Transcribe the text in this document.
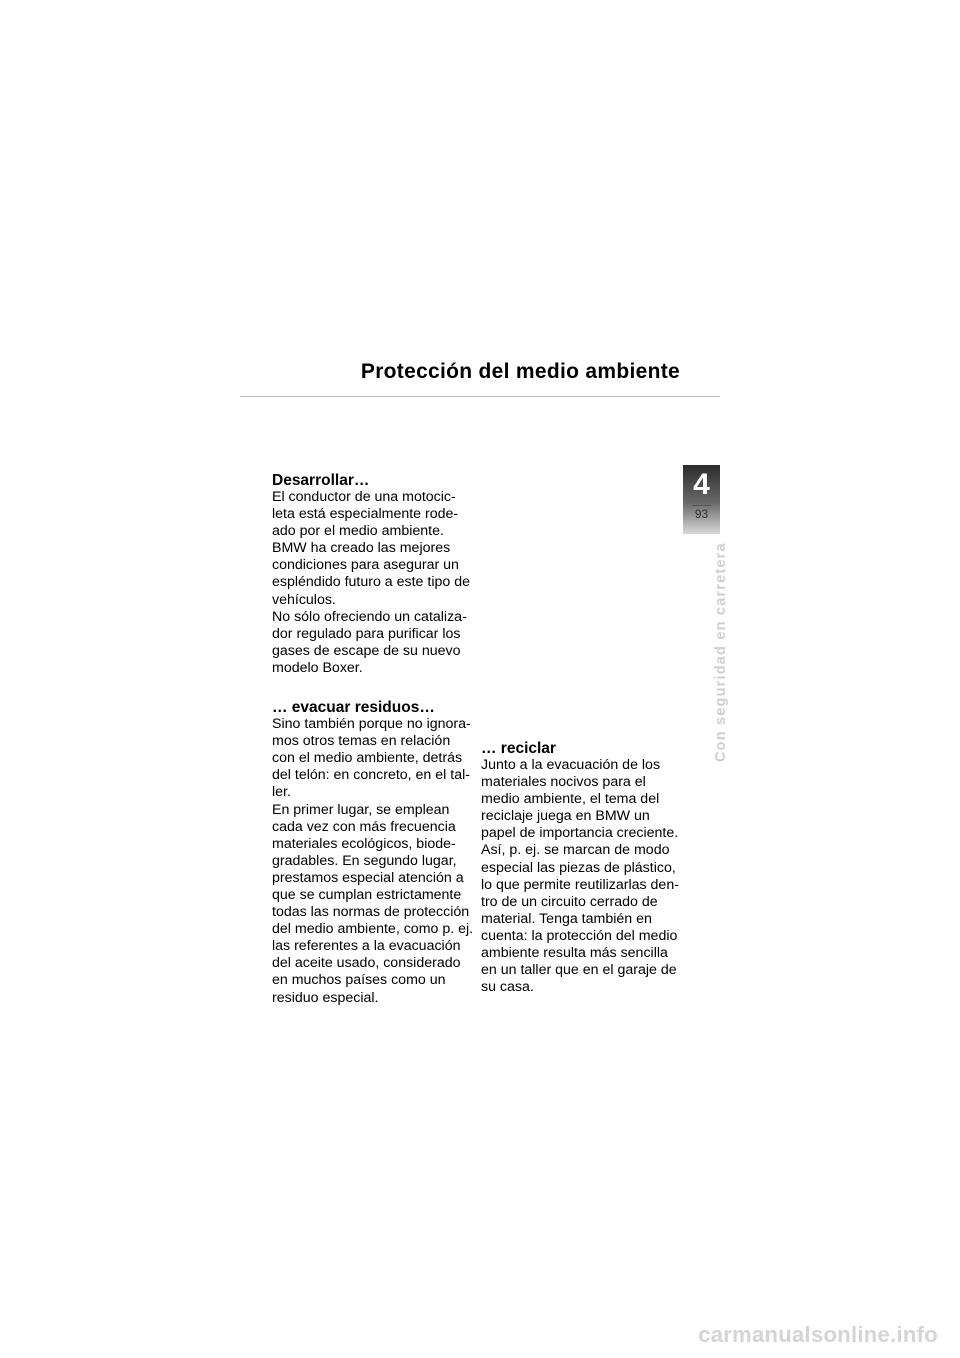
Protección del medio ambiente
Desarrollar…

El conductor de una motocic-
leta está especialmente rode-
ado por el medio ambiente.
BMW ha creado las mejores
condiciones para asegurar un
espléndido futuro a este tipo de
vehículos.

No sólo ofreciendo un cataliza-
dor regulado para purificar los
gases de escape de su nuevo
modelo Boxer.

… evacuar residuos…

Sino también porque no ignora-
mos otros temas en relación
con el medio ambiente, detrás
del telón: en concreto, en el tal-
ler.

En primer lugar, se emplean
cada vez con más frecuencia
materiales ecológicos, biode-
gradables. En segundo lugar,
prestamos especial atención a
que se cumplan estrictamente
todas las normas de protección
del medio ambiente, como p. ej.
las referentes a la evacuación
del aceite usado, considerado
en muchos países como un
residuo especial.

… reciclar

Junto a la evacuación de los
materiales nocivos para el
medio ambiente, el tema del
reciclaje juega en BMW un
papel de importancia creciente.
Así, p. ej. se marcan de modo
especial las piezas de plástico,
lo que permite reutilizarlas den-
tro de un circuito cerrado de
material. Tenga también en
cuenta: la protección del medio
ambiente resulta más sencilla
en un taller que en el garaje de
su casa.

4
93
Con seguridad en carretera
carmanualsonline.info
